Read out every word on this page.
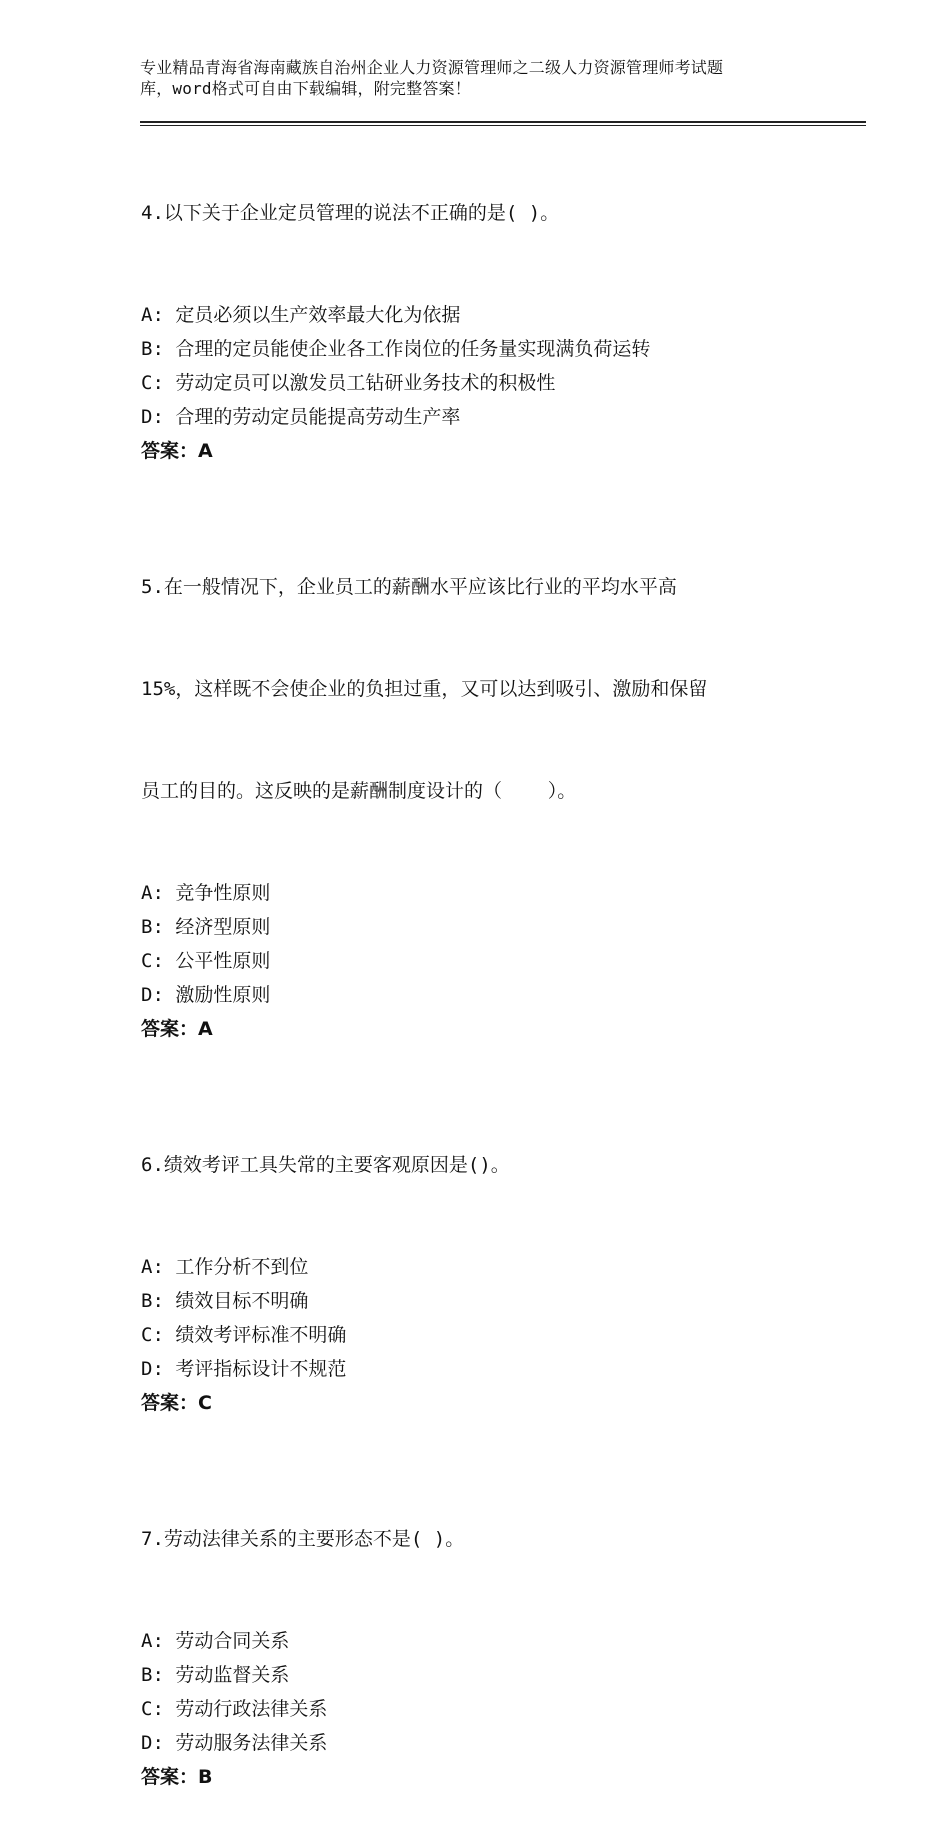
专业精品青海省海南藏族自治州企业人力资源管理师之二级人力资源管理师考试题
库，word格式可自由下载编辑，附完整答案！

4.以下关于企业定员管理的说法不正确的是( )。

A: 定员必须以生产效率最大化为依据
B: 合理的定员能使企业各工作岗位的任务量实现满负荷运转
C: 劳动定员可以激发员工钻研业务技术的积极性
D: 合理的劳动定员能提高劳动生产率
答案：A

5.在一般情况下，企业员工的薪酬水平应该比行业的平均水平高

15%，这样既不会使企业的负担过重，又可以达到吸引、激励和保留

员工的目的。这反映的是薪酬制度设计的（    ）。

A: 竞争性原则
B: 经济型原则
C: 公平性原则
D: 激励性原则
答案：A

6.绩效考评工具失常的主要客观原因是()。

A: 工作分析不到位
B: 绩效目标不明确
C: 绩效考评标准不明确
D: 考评指标设计不规范
答案：C

7.劳动法律关系的主要形态不是( )。

A: 劳动合同关系
B: 劳动监督关系
C: 劳动行政法律关系
D: 劳动服务法律关系
答案：B
